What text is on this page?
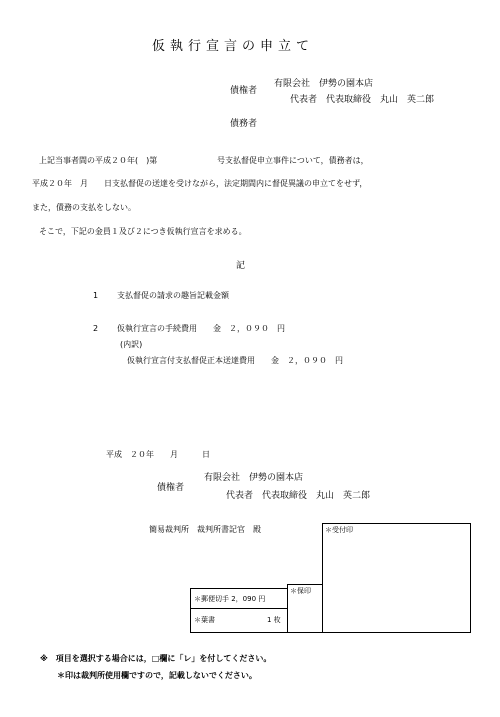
仮執行宣言の申立て
債権者
有限会社　伊勢の園本店
代表者　代表取締役　丸山　英二郎
債務者
上記当事者間の平成２０年(　)第	号支払督促申立事件について，債務者は，
平成２０年　月　　日支払督促の送達を受けながら，法定期間内に督促異議の申立てをせず，
また，債務の支払をしない。
そこで，下記の金員１及び２につき仮執行宣言を求める。
記
1 支払督促の請求の趣旨記載金額
2 仮執行宣言の手続費用　　金　２，０９０　円
(内訳)
仮執行宣言付支払督促正本送達費用　　金　２，０９０　円
平成　２０年　　月　　　日
債権者
有限会社　伊勢の園本店
代表者　代表取締役　丸山　英二郎
簡易裁判所　裁判所書記官　殿	＊受付印
＊保印
＊郵便切手 2，090 円
＊葉書	1 枚
※　項目を選択する場合には，□欄に「レ」を付してください。
＊印は裁判所使用欄ですので，記載しないでください。
